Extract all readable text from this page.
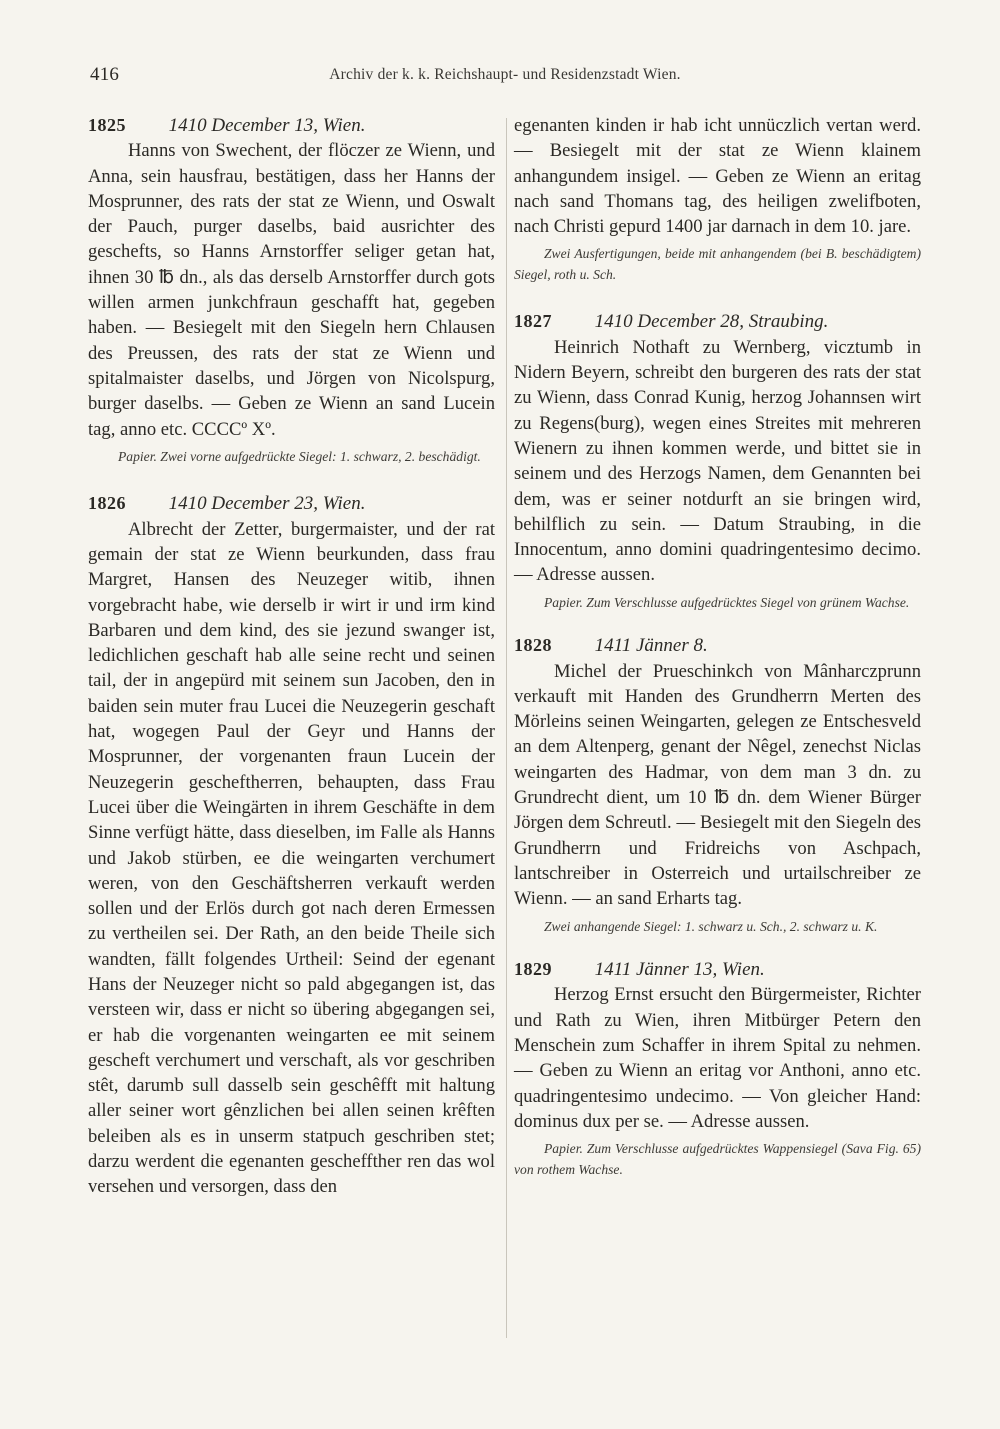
416	Archiv der k. k. Reichshaupt- und Residenzstadt Wien.

1825 1410 December 13, Wien.

Hanns von Swechent, der flöczer ze Wienn, und Anna, sein hausfrau, bestätigen, dass her Hanns der Mosprunner, des rats der stat ze Wienn, und Oswalt der Pauch, purger daselbs, baid ausrichter des geschefts, so Hanns Arnstorffer seliger getan hat, ihnen 30 ℔ dn., als das derselb Arnstorffer durch gots willen armen junkchfraun geschafft hat, gegeben haben. — Besiegelt mit den Siegeln hern Chlausen des Preussen, des rats der stat ze Wienn und spitalmaister daselbs, und Jörgen von Nicolspurg, burger daselbs. — Geben ze Wienn an sand Lucein tag, anno etc. CCCCº Xº.

Papier. Zwei vorne aufgedrückte Siegel: 1. schwarz, 2. beschädigt.

1826 1410 December 23, Wien.

Albrecht der Zetter, burgermaister, und der rat gemain der stat ze Wienn beurkunden, dass frau Margret, Hansen des Neuzeger witib, ihnen vorgebracht habe, wie derselb ir wirt ir und irm kind Barbaren und dem kind, des sie jezund swanger ist, ledichlichen geschaft hab alle seine recht und seinen tail, der in angepürd mit seinem sun Jacoben, den in baiden sein muter frau Lucei die Neuzegerin geschaft hat, wogegen Paul der Geyr und Hanns der Mosprunner, der vorgenanten fraun Lucein der Neuzegerin gescheftherren, behaupten, dass Frau Lucei über die Weingärten in ihrem Geschäfte in dem Sinne verfügt hätte, dass dieselben, im Falle als Hanns und Jakob stürben, ee die weingarten verchumert weren, von den Geschäftsherren verkauft werden sollen und der Erlös durch got nach deren Ermessen zu vertheilen sei. Der Rath, an den beide Theile sich wandten, fällt folgendes Urtheil: Seind der egenant Hans der Neuzeger nicht so pald abgegangen ist, das versteen wir, dass er nicht so übering abgegangen sei, er hab die vorgenanten weingarten ee mit seinem gescheft verchumert und verschaft, als vor geschriben stêt, darumb sull dasselb sein geschêfft mit haltung aller seiner wort gênzlichen bei allen seinen krêften beleiben als es in unserm statpuch geschriben stet; darzu werdent die egenanten gescheffther ren das wol versehen und versorgen, dass den

egenanten kinden ir hab icht unnüczlich vertan werd. — Besiegelt mit der stat ze Wienn klainem anhangundem insigel. — Geben ze Wienn an eritag nach sand Thomans tag, des heiligen zwelifboten, nach Christi gepurd 1400 jar darnach in dem 10. jare.

Zwei Ausfertigungen, beide mit anhangendem (bei B. beschädigtem) Siegel, roth u. Sch.

1827 1410 December 28, Straubing.

Heinrich Nothaft zu Wernberg, vicztumb in Nidern Beyern, schreibt den burgeren des rats der stat zu Wienn, dass Conrad Kunig, herzog Johannsen wirt zu Regens(burg), wegen eines Streites mit mehreren Wienern zu ihnen kommen werde, und bittet sie in seinem und des Herzogs Namen, dem Genannten bei dem, was er seiner notdurft an sie bringen wird, behilflich zu sein. — Datum Straubing, in die Innocentum, anno domini quadringentesimo decimo. — Adresse aussen.

Papier. Zum Verschlusse aufgedrücktes Siegel von grünem Wachse.

1828 1411 Jänner 8.

Michel der Prueschinkch von Mânharczprunn verkauft mit Handen des Grundherrn Merten des Mörleins seinen Weingarten, gelegen ze Entschesveld an dem Altenperg, genant der Nêgel, zenechst Niclas weingarten des Hadmar, von dem man 3 dn. zu Grundrecht dient, um 10 ℔ dn. dem Wiener Bürger Jörgen dem Schreutl. — Besiegelt mit den Siegeln des Grundherrn und Fridreichs von Aschpach, lantschreiber in Osterreich und urtailschreiber ze Wienn. — an sand Erharts tag.

Zwei anhangende Siegel: 1. schwarz u. Sch., 2. schwarz u. K.

1829 1411 Jänner 13, Wien.

Herzog Ernst ersucht den Bürgermeister, Richter und Rath zu Wien, ihren Mitbürger Petern den Menschein zum Schaffer in ihrem Spital zu nehmen. — Geben zu Wienn an eritag vor Anthoni, anno etc. quadringentesimo undecimo. — Von gleicher Hand: dominus dux per se. — Adresse aussen.

Papier. Zum Verschlusse aufgedrücktes Wappensiegel (Sava Fig. 65) von rothem Wachse.
